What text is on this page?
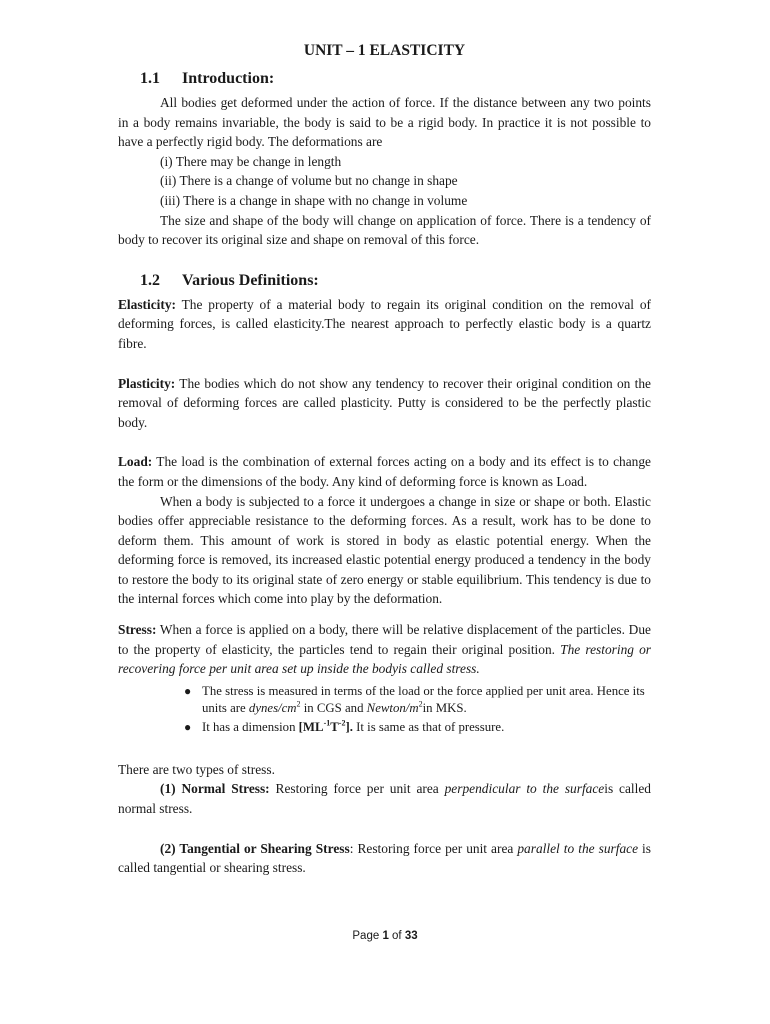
UNIT – 1 ELASTICITY
1.1 Introduction:

All bodies get deformed under the action of force. If the distance between any two points in a body remains invariable, the body is said to be a rigid body. In practice it is not possible to have a perfectly rigid body. The deformations are

(i) There may be change in length
(ii) There is a change of volume but no change in shape
(iii) There is a change in shape with no change in volume

The size and shape of the body will change on application of force. There is a tendency of body to recover its original size and shape on removal of this force.

1.2 Various Definitions:

Elasticity: The property of a material body to regain its original condition on the removal of deforming forces, is called elasticity.The nearest approach to perfectly elastic body is a quartz fibre.

Plasticity: The bodies which do not show any tendency to recover their original condition on the removal of deforming forces are called plasticity. Putty is considered to be the perfectly plastic body.

Load: The load is the combination of external forces acting on a body and its effect is to change the form or the dimensions of the body. Any kind of deforming force is known as Load.

When a body is subjected to a force it undergoes a change in size or shape or both. Elastic bodies offer appreciable resistance to the deforming forces. As a result, work has to be done to deform them. This amount of work is stored in body as elastic potential energy. When the deforming force is removed, its increased elastic potential energy produced a tendency in the body to restore the body to its original state of zero energy or stable equilibrium. This tendency is due to the internal forces which come into play by the deformation.

Stress: When a force is applied on a body, there will be relative displacement of the particles. Due to the property of elasticity, the particles tend to regain their original position. The restoring or recovering force per unit area set up inside the bodyis called stress.

● The stress is measured in terms of the load or the force applied per unit area. Hence its units are dynes/$cm^2$ in CGS and Newton/$m^2in$ MKS.
● It has a dimension $[ML^{-1}T^{-2}]$. It is same as that of pressure.

There are two types of stress.

(1) Normal Stress: Restoring force per unit area perpendicular to the surfaceis called normal stress.

(2) Tangential or Shearing Stress: Restoring force per unit area parallel to the surface is called tangential or shearing stress.

Page 1 of 33
